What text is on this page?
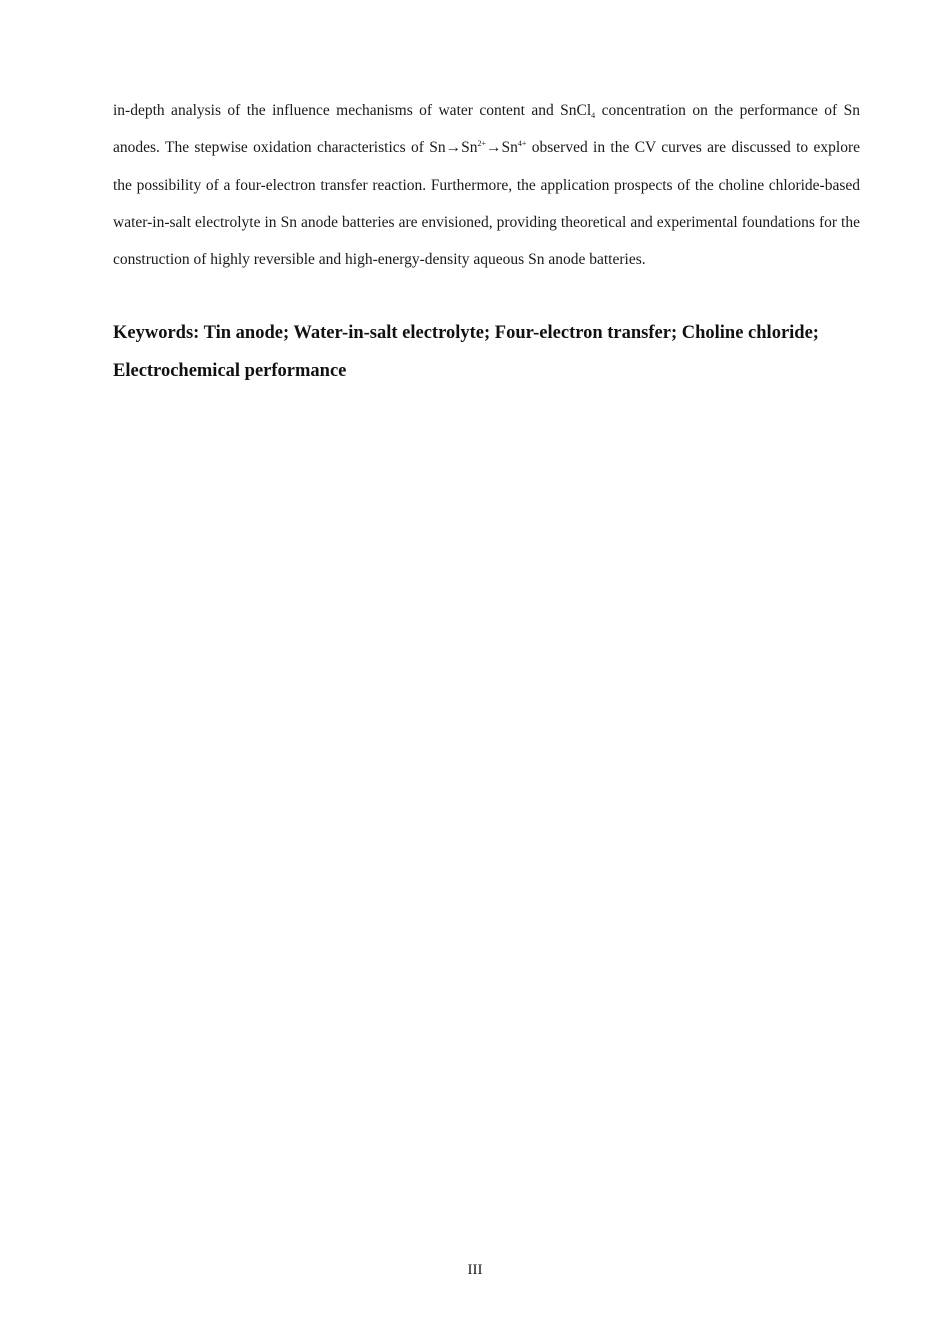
in-depth analysis of the influence mechanisms of water content and SnCl4 concentration on the performance of Sn anodes. The stepwise oxidation characteristics of $Sn\to Sn^{2+}\to Sn^{4+}$ observed in the CV curves are discussed to explore the possibility of a four-electron transfer reaction. Furthermore, the application prospects of the choline chloride-based water-in-salt electrolyte in Sn anode batteries are envisioned, providing theoretical and experimental foundations for the construction of highly reversible and high-energy-density aqueous Sn anode batteries.

Keywords: Tin anode; Water-in-salt electrolyte; Four-electron transfer; Choline chloride; Electrochemical performance

III
